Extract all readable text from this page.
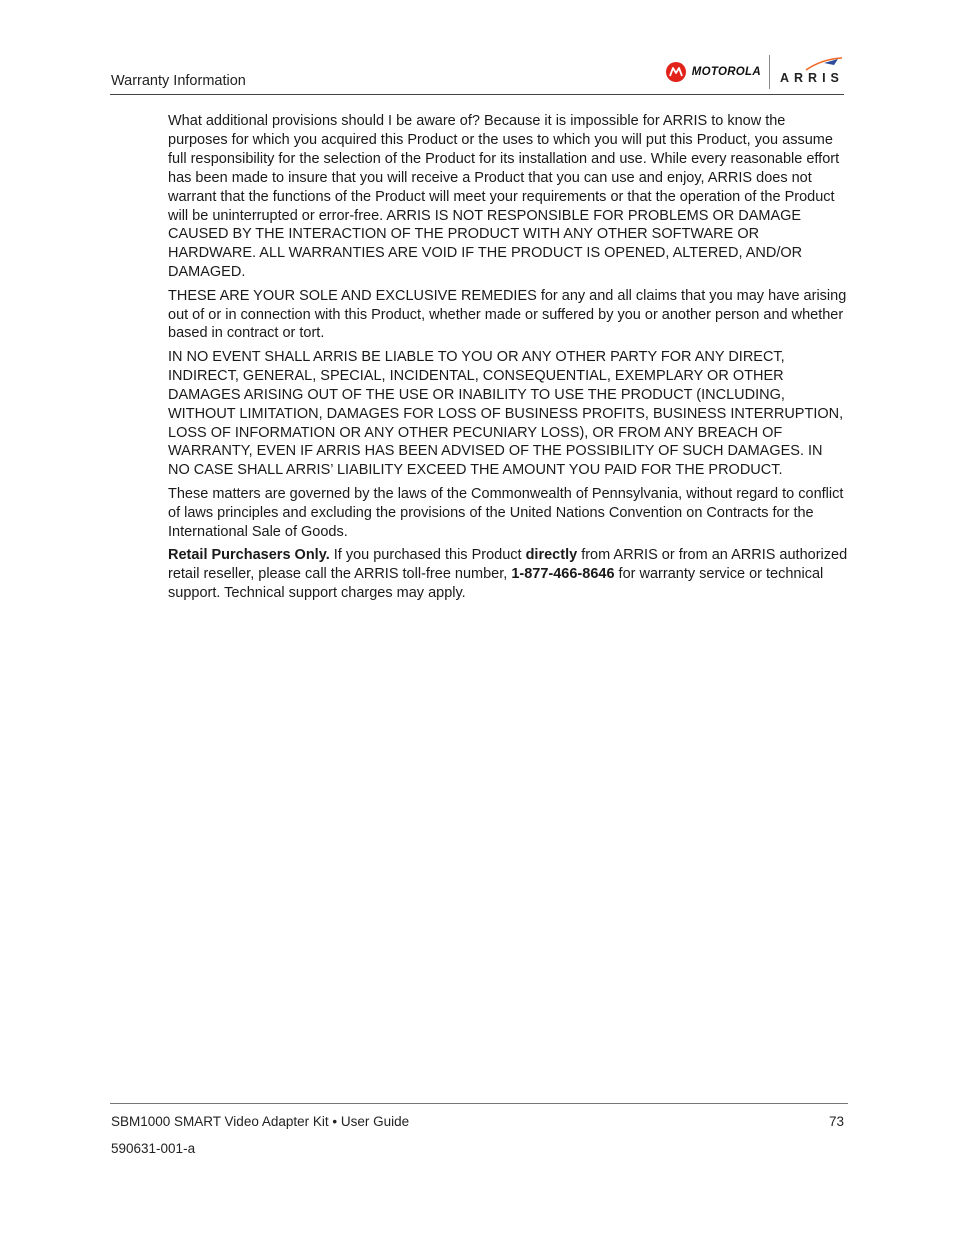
Warranty Information
MOTOROLA ARRIS

What additional provisions should I be aware of? Because it is impossible for ARRIS to know the purposes for which you acquired this Product or the uses to which you will put this Product, you assume full responsibility for the selection of the Product for its installation and use. While every reasonable effort has been made to insure that you will receive a Product that you can use and enjoy, ARRIS does not warrant that the functions of the Product will meet your requirements or that the operation of the Product will be uninterrupted or error-free. ARRIS IS NOT RESPONSIBLE FOR PROBLEMS OR DAMAGE CAUSED BY THE INTERACTION OF THE PRODUCT WITH ANY OTHER SOFTWARE OR HARDWARE. ALL WARRANTIES ARE VOID IF THE PRODUCT IS OPENED, ALTERED, AND/OR DAMAGED.

THESE ARE YOUR SOLE AND EXCLUSIVE REMEDIES for any and all claims that you may have arising out of or in connection with this Product, whether made or suffered by you or another person and whether based in contract or tort.

IN NO EVENT SHALL ARRIS BE LIABLE TO YOU OR ANY OTHER PARTY FOR ANY DIRECT, INDIRECT, GENERAL, SPECIAL, INCIDENTAL, CONSEQUENTIAL, EXEMPLARY OR OTHER DAMAGES ARISING OUT OF THE USE OR INABILITY TO USE THE PRODUCT (INCLUDING, WITHOUT LIMITATION, DAMAGES FOR LOSS OF BUSINESS PROFITS, BUSINESS INTERRUPTION, LOSS OF INFORMATION OR ANY OTHER PECUNIARY LOSS), OR FROM ANY BREACH OF WARRANTY, EVEN IF ARRIS HAS BEEN ADVISED OF THE POSSIBILITY OF SUCH DAMAGES. IN NO CASE SHALL ARRIS’ LIABILITY EXCEED THE AMOUNT YOU PAID FOR THE PRODUCT.

These matters are governed by the laws of the Commonwealth of Pennsylvania, without regard to conflict of laws principles and excluding the provisions of the United Nations Convention on Contracts for the International Sale of Goods.

Retail Purchasers Only. If you purchased this Product directly from ARRIS or from an ARRIS authorized retail reseller, please call the ARRIS toll-free number, 1-877-466-8646 for warranty service or technical support. Technical support charges may apply.

SBM1000 SMART Video Adapter Kit • User Guide	73
590631-001-a
